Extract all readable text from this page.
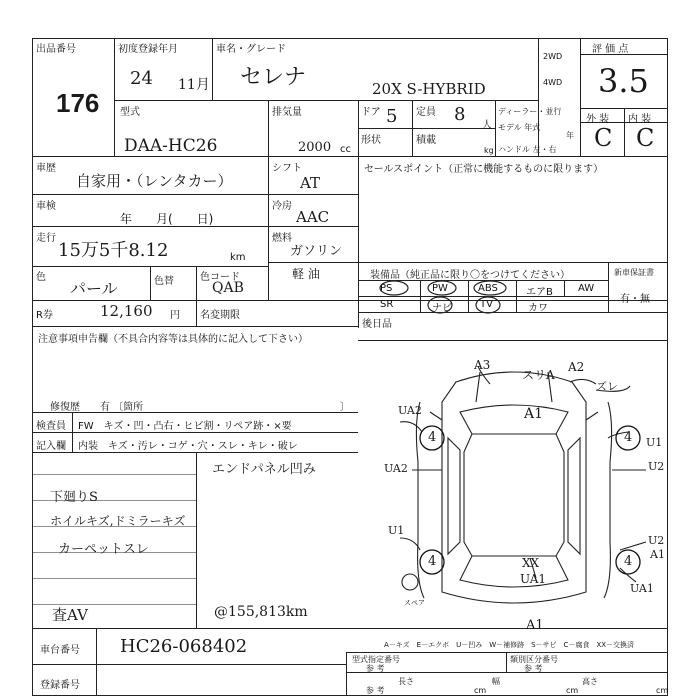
出品番号
176
初度登録年月
24 11月
車名・グレード
セレナ	20X S-HYBRID
2WD
4WD
評 価 点
3.5
型式
DAA-HC26
排気量
2000 cc
ドア 5 定員 8
人
形状	積載
kg
ディーラー・並行
モデル 年式
年
ハンドル 左・右
外 装 内 装
C C
車歴
自家用・（レンタカー）
シフト
AT
セールスポイント（正常に機能するものに限ります）
車検
年　　月(　　日)
冷房
AAC
走行
15万5千8.12	km
燃料
ガソリン
軽 油
色
パール	色替	色コード
QAB
R券	12,160 円 名変期限
装備品（純正品に限り〇をつけてください）	新車保証書
有・無
PS	PW	ABS	エアB	AW
SR	ナビ	TV	カワ
後日品
注意事項申告欄（不具合内容等は具体的に記入して下さい）
修復歴　　有 〔箇所	〕
検査員 FW　キズ・凹・凸右・ヒビ割・リペア跡・×要
記入欄 内装　キズ・汚レ・コゲ・穴・スレ・キレ・破レ
エンドパネル凹み
下廻りS
ホイルキズ,ドミラーキズ
カーペットスレ
査AV	@155,813km
車台番号 HC26-068402
登録番号
型式指定番号
参 考
類別区分番号
参 考
参 考
長さ
cm
幅
cm
高さ
cm
A－キズ　E－エクボ　U－凹み　W－補修跡　S－サビ　C－腐食　XX－交換済
スペア
A3
スリA
A2
ズレ
UA2	A1
U1
UA2	U2
U1
U2
A1
XX
UA1
UA1
A1
4	4
4	4
